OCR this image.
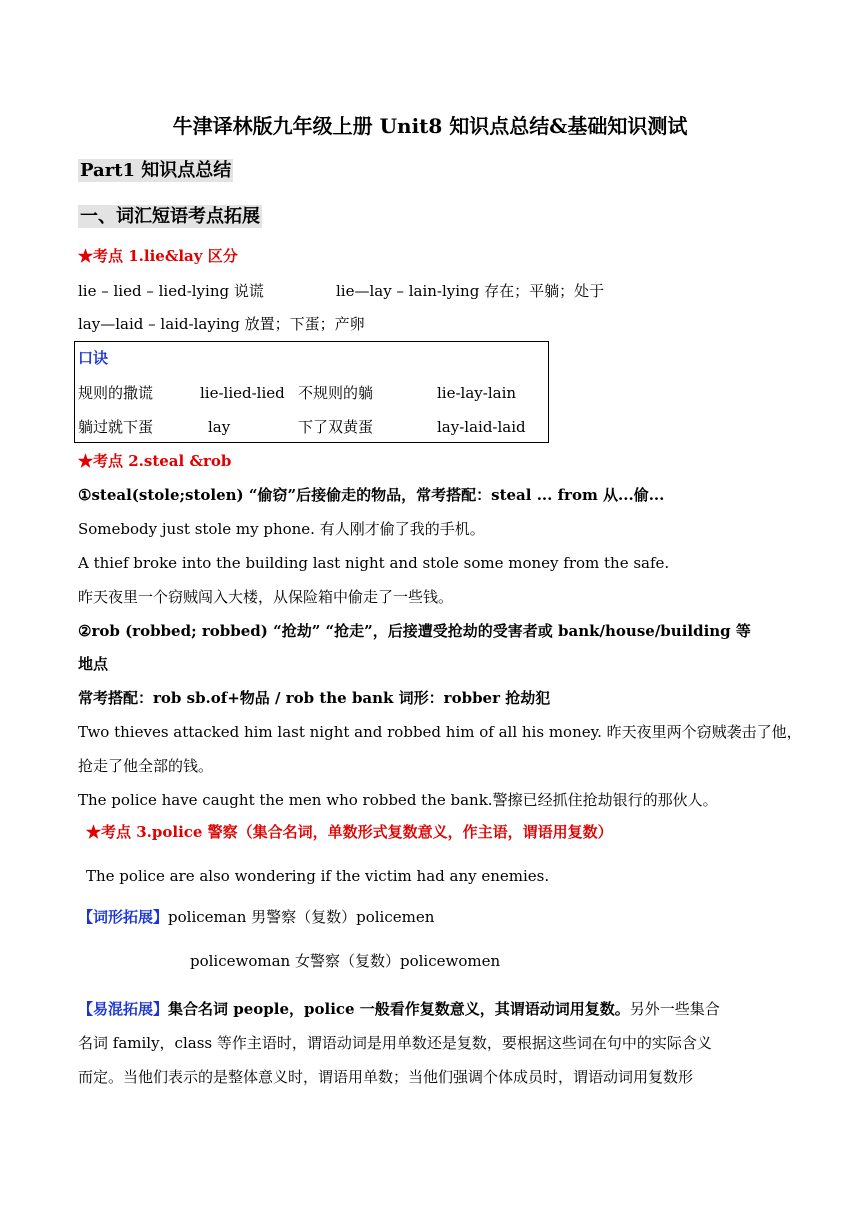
牛津译林版九年级上册 Unit8 知识点总结&基础知识测试
Part1 知识点总结
一、词汇短语考点拓展
★考点 1.lie&lay 区分
lie – lied – lied-lying 说谎	lie—lay – lain-lying 存在；平躺；处于
lay—laid – laid-laying 放置；下蛋；产卵
口诀
规则的撒谎	lie-lied-lied 不规则的躺	lie-lay-lain
躺过就下蛋	lay	下了双黄蛋	lay-laid-laid
★考点 2.steal &rob
①steal(stole;stolen) “偷窃”后接偷走的物品，常考搭配：steal ... from 从...偷...
Somebody just stole my phone. 有人刚才偷了我的手机。
A thief broke into the building last night and stole some money from the safe.
昨天夜里一个窃贼闯入大楼，从保险箱中偷走了一些钱。
②rob (robbed; robbed) “抢劫” “抢走”，后接遭受抢劫的受害者或 bank/house/building 等
地点
常考搭配：rob sb.of+物品 / rob the bank 词形：robber 抢劫犯
Two thieves attacked him last night and robbed him of all his money. 昨天夜里两个窃贼袭击了他，
抢走了他全部的钱。
The police have caught the men who robbed the bank.警擦已经抓住抢劫银行的那伙人。
★考点 3.police 警察（集合名词，单数形式复数意义，作主语，谓语用复数）
The police are also wondering if the victim had any enemies.
【词形拓展】policeman 男警察（复数）policemen
policewoman 女警察（复数）policewomen
【易混拓展】集合名词 people，police 一般看作复数意义，其谓语动词用复数。另外一些集合
名词 family，class 等作主语时，谓语动词是用单数还是复数，要根据这些词在句中的实际含义
而定。当他们表示的是整体意义时，谓语用单数；当他们强调个体成员时，谓语动词用复数形
